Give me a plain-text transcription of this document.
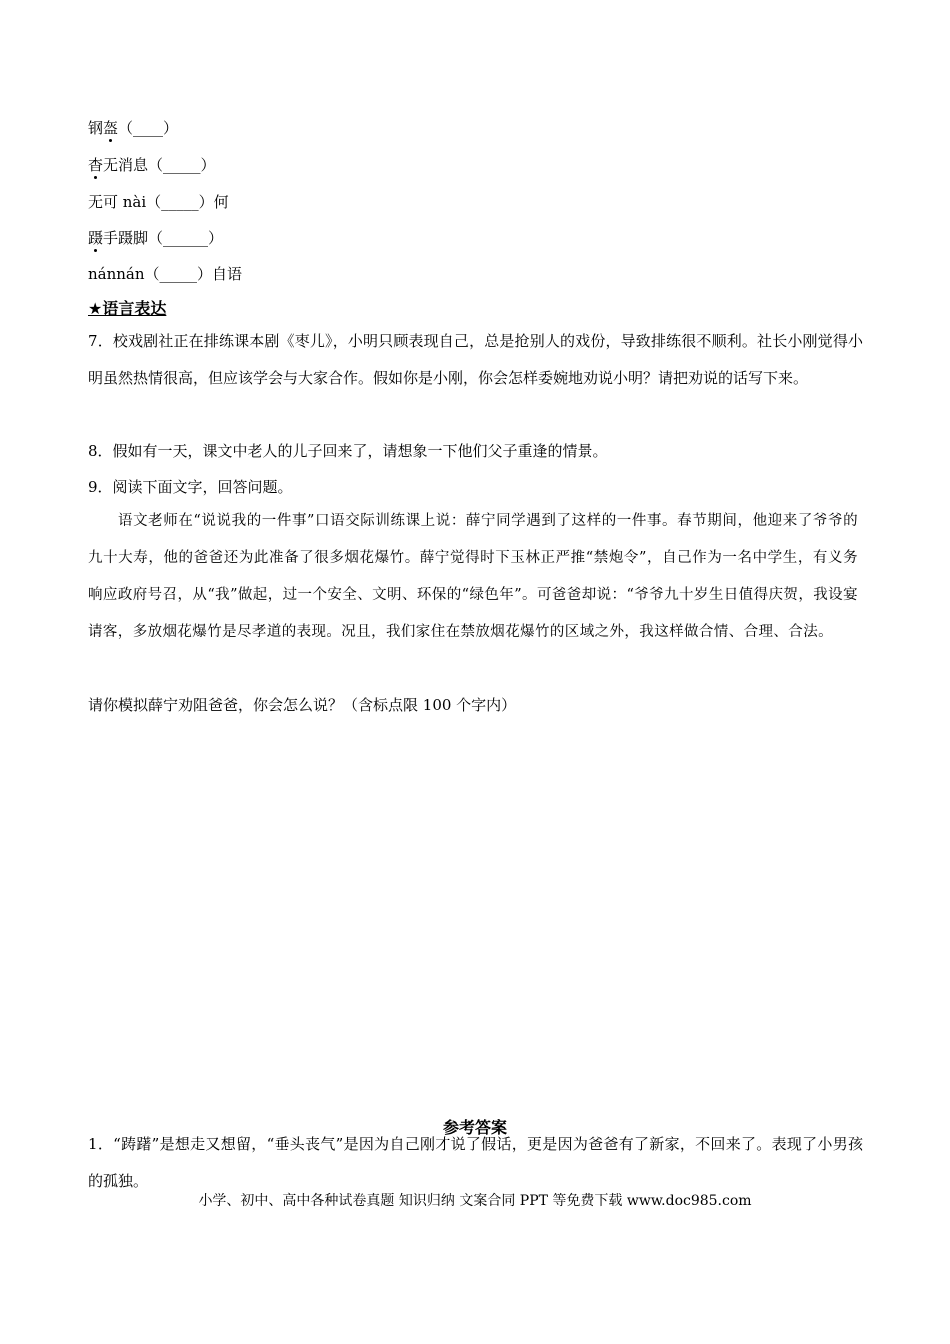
钢盔（____）
杳无消息（_____）
无可 nài（_____）何
蹑手蹑脚（______）
nánnán（_____）自语
★语言表达
7．校戏剧社正在排练课本剧《枣儿》，小明只顾表现自己，总是抢别人的戏份，导致排练很不顺利。社长小刚觉得小明虽然热情很高，但应该学会与大家合作。假如你是小刚，你会怎样委婉地劝说小明？请把劝说的话写下来。
8．假如有一天，课文中老人的儿子回来了，请想象一下他们父子重逢的情景。
9．阅读下面文字，回答问题。
语文老师在“说说我的一件事”口语交际训练课上说：薛宁同学遇到了这样的一件事。春节期间，他迎来了爷爷的九十大寿，他的爸爸还为此准备了很多烟花爆竹。薛宁觉得时下玉林正严推“禁炮令”，自己作为一名中学生，有义务响应政府号召，从“我”做起，过一个安全、文明、环保的“绿色年”。可爸爸却说：“爷爷九十岁生日值得庆贺，我设宴请客，多放烟花爆竹是尽孝道的表现。况且，我们家住在禁放烟花爆竹的区域之外，我这样做合情、合理、合法。
请你模拟薛宁劝阻爸爸，你会怎么说？（含标点限 100 个字内）
参考答案
1．“踌躇”是想走又想留，“垂头丧气”是因为自己刚才说了假话，更是因为爸爸有了新家，不回来了。表现了小男孩的孤独。
小学、初中、高中各种试卷真题 知识归纳 文案合同 PPT 等免费下载 www.doc985.com
